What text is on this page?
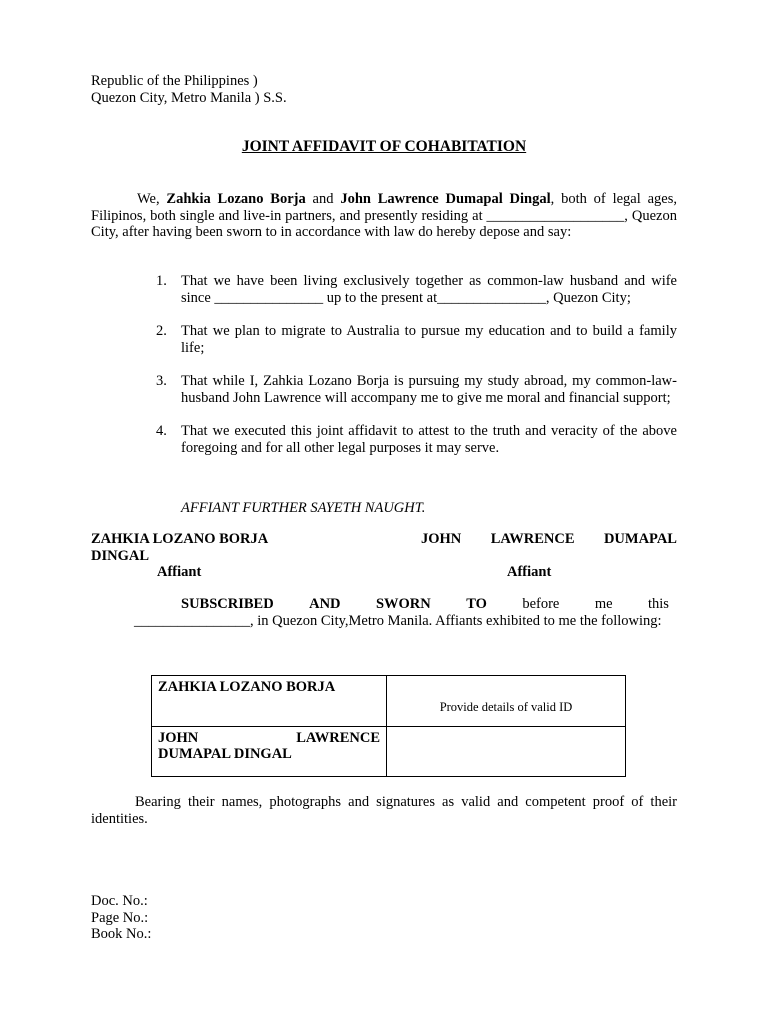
Republic of the Philippines )
Quezon City, Metro Manila ) S.S.
JOINT AFFIDAVIT OF COHABITATION
We, Zahkia Lozano Borja and John Lawrence Dumapal Dingal, both of legal ages, Filipinos, both single and live-in partners, and presently residing at ___________________, Quezon City, after having been sworn to in accordance with law do hereby depose and say:
1. That we have been living exclusively together as common-law husband and wife since _______________ up to the present at_______________, Quezon City;
2. That we plan to migrate to Australia to pursue my education and to build a family life;
3. That while I, Zahkia Lozano Borja is pursuing my study abroad, my common-law-husband John Lawrence will accompany me to give me moral and financial support;
4. That we executed this joint affidavit to attest to the truth and veracity of the above foregoing and for all other legal purposes it may serve.
AFFIANT FURTHER SAYETH NAUGHT.
ZAHKIA LOZANO BORJA
DINGAL
JOHN LAWRENCE DUMAPAL
Affiant	Affiant
SUBSCRIBED AND SWORN TO before me this
________________, in Quezon City,Metro Manila. Affiants exhibited to me the following:
ZAHKIA LOZANO BORJA
JOHN	LAWRENCE
DUMAPAL DINGAL
Provide details of valid ID
Bearing their names, photographs and signatures as valid and competent proof of their identities.
Doc. No.:
Page No.:
Book No.:
